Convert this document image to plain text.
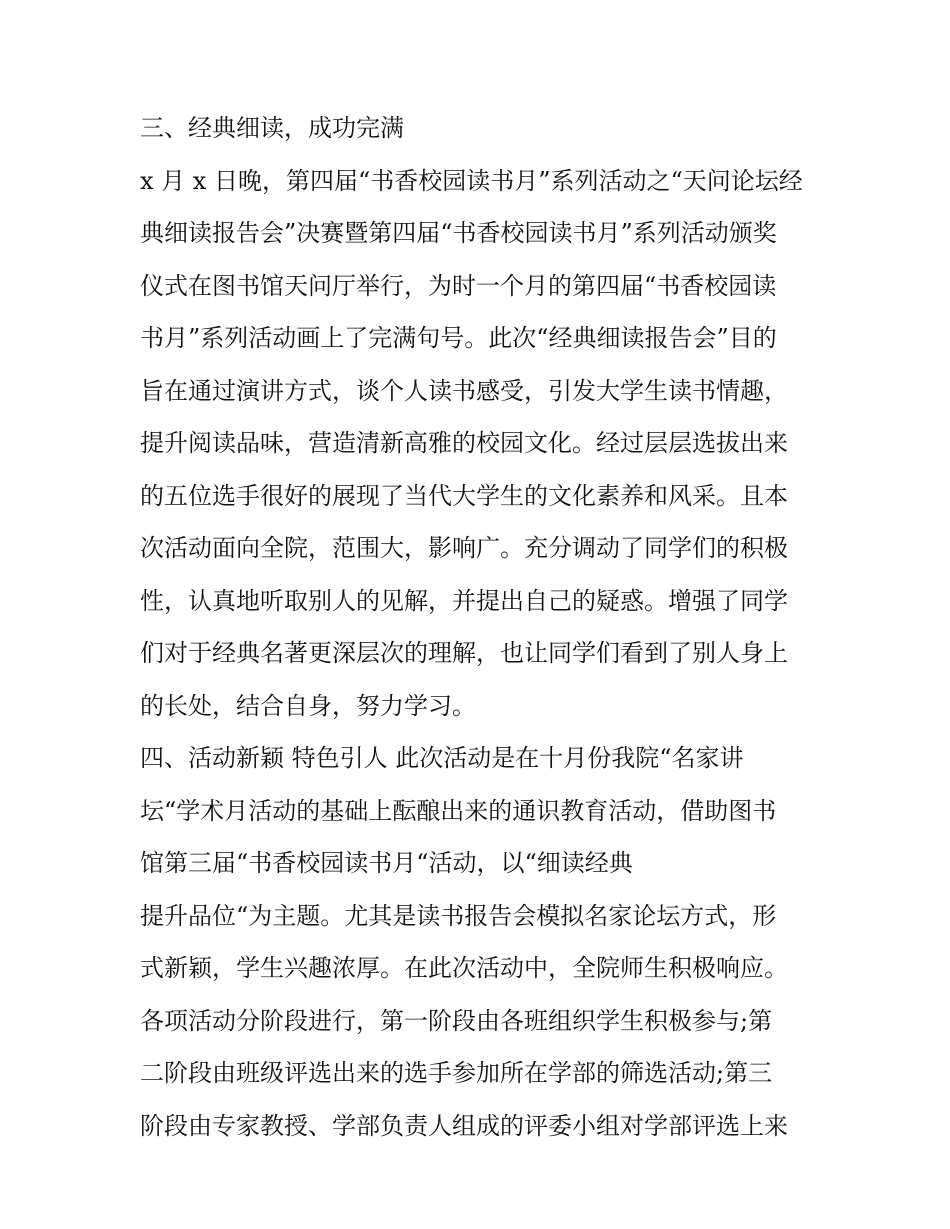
三、经典细读，成功完满
x 月 x 日晚，第四届“书香校园读书月”系列活动之“天问论坛经
典细读报告会”决赛暨第四届“书香校园读书月”系列活动颁奖
仪式在图书馆天问厅举行，为时一个月的第四届“书香校园读
书月”系列活动画上了完满句号。此次“经典细读报告会”目的
旨在通过演讲方式，谈个人读书感受，引发大学生读书情趣，
提升阅读品味，营造清新高雅的校园文化。经过层层选拔出来
的五位选手很好的展现了当代大学生的文化素养和风采。且本
次活动面向全院，范围大，影响广。充分调动了同学们的积极
性，认真地听取别人的见解，并提出自己的疑惑。增强了同学
们对于经典名著更深层次的理解，也让同学们看到了别人身上
的长处，结合自身，努力学习。
四、活动新颖 特色引人 此次活动是在十月份我院“名家讲
坛“学术月活动的基础上酝酿出来的通识教育活动，借助图书
馆第三届“书香校园读书月“活动，以“细读经典
提升品位“为主题。尤其是读书报告会模拟名家论坛方式，形
式新颖，学生兴趣浓厚。在此次活动中，全院师生积极响应。
各项活动分阶段进行，第一阶段由各班组织学生积极参与;第
二阶段由班级评选出来的选手参加所在学部的筛选活动;第三
阶段由专家教授、学部负责人组成的评委小组对学部评选上来
